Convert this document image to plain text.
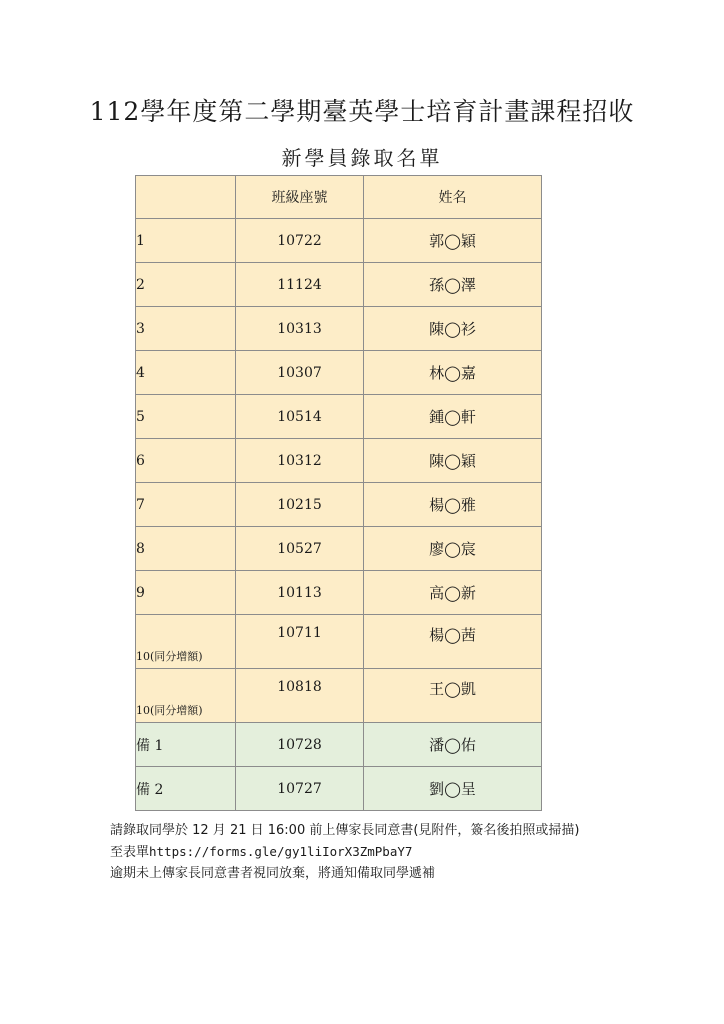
112學年度第二學期臺英學士培育計畫課程招收
新學員錄取名單
	班級座號	姓名
1	10722	郭◯穎
2	11124	孫◯澤
3	10313	陳◯衫
4	10307	林◯嘉
5	10514	鍾◯軒
6	10312	陳◯穎
7	10215	楊◯雅
8	10527	廖◯宸
9	10113	高◯新
10(同分增額)	10711	楊◯茜
10(同分增額)	10818	王◯凱
備 1	10728	潘◯佑
備 2	10727	劉◯呈
請錄取同學於 12 月 21 日 16:00 前上傳家長同意書(見附件，簽名後拍照或掃描)
至表單https://forms.gle/gy1liIorX3ZmPbaY7
逾期未上傳家長同意書者視同放棄，將通知備取同學遞補
